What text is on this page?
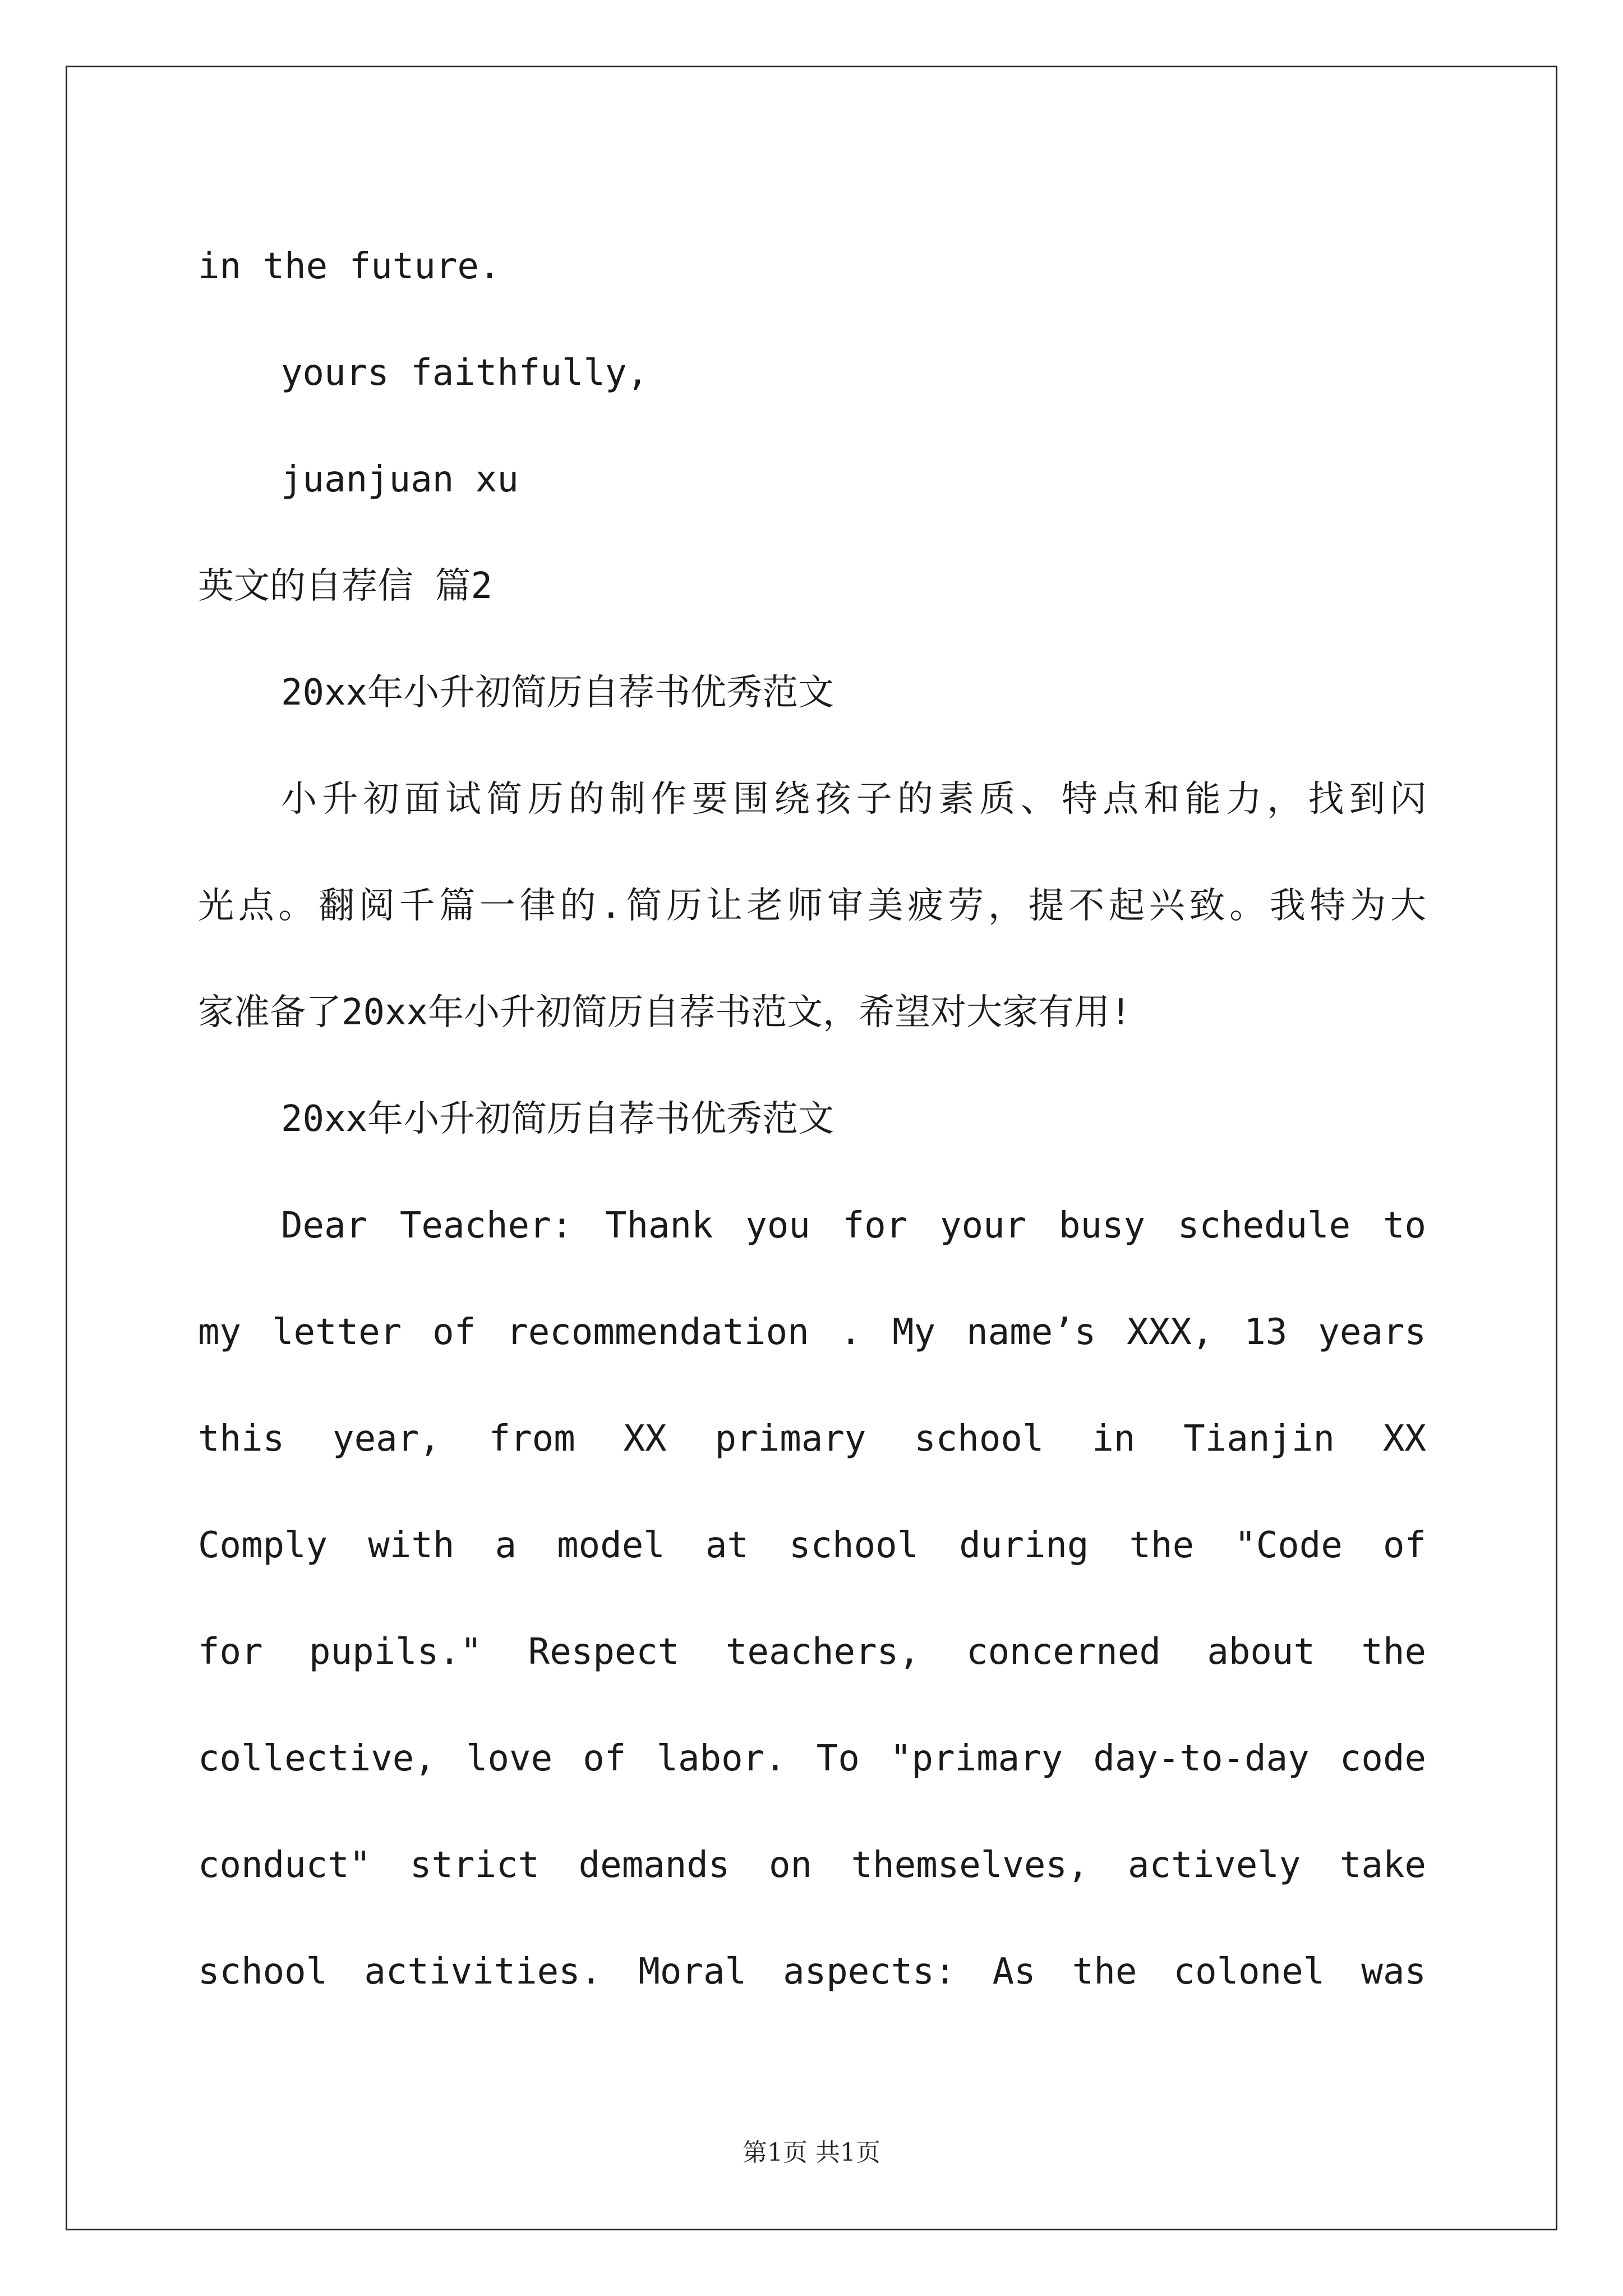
in the future.
yours faithfully,
juanjuan xu
英文的自荐信 篇2
20xx年小升初简历自荐书优秀范文
小升初面试简历的制作要围绕孩子的素质、特点和能力，找到闪
光点。翻阅千篇一律的.简历让老师审美疲劳，提不起兴致。我特为大
家准备了20xx年小升初简历自荐书范文，希望对大家有用!
20xx年小升初简历自荐书优秀范文
Dear Teacher: Thank you for your busy schedule to
my letter of recommendation . My name’s XXX, 13 years
this year, from XX primary school in Tianjin XX
Comply with a model at school during the "Code of
for pupils." Respect teachers, concerned about the
collective, love of labor. To "primary day-to-day code
conduct" strict demands on themselves, actively take
school activities. Moral aspects: As the colonel was
第1页 共1页
